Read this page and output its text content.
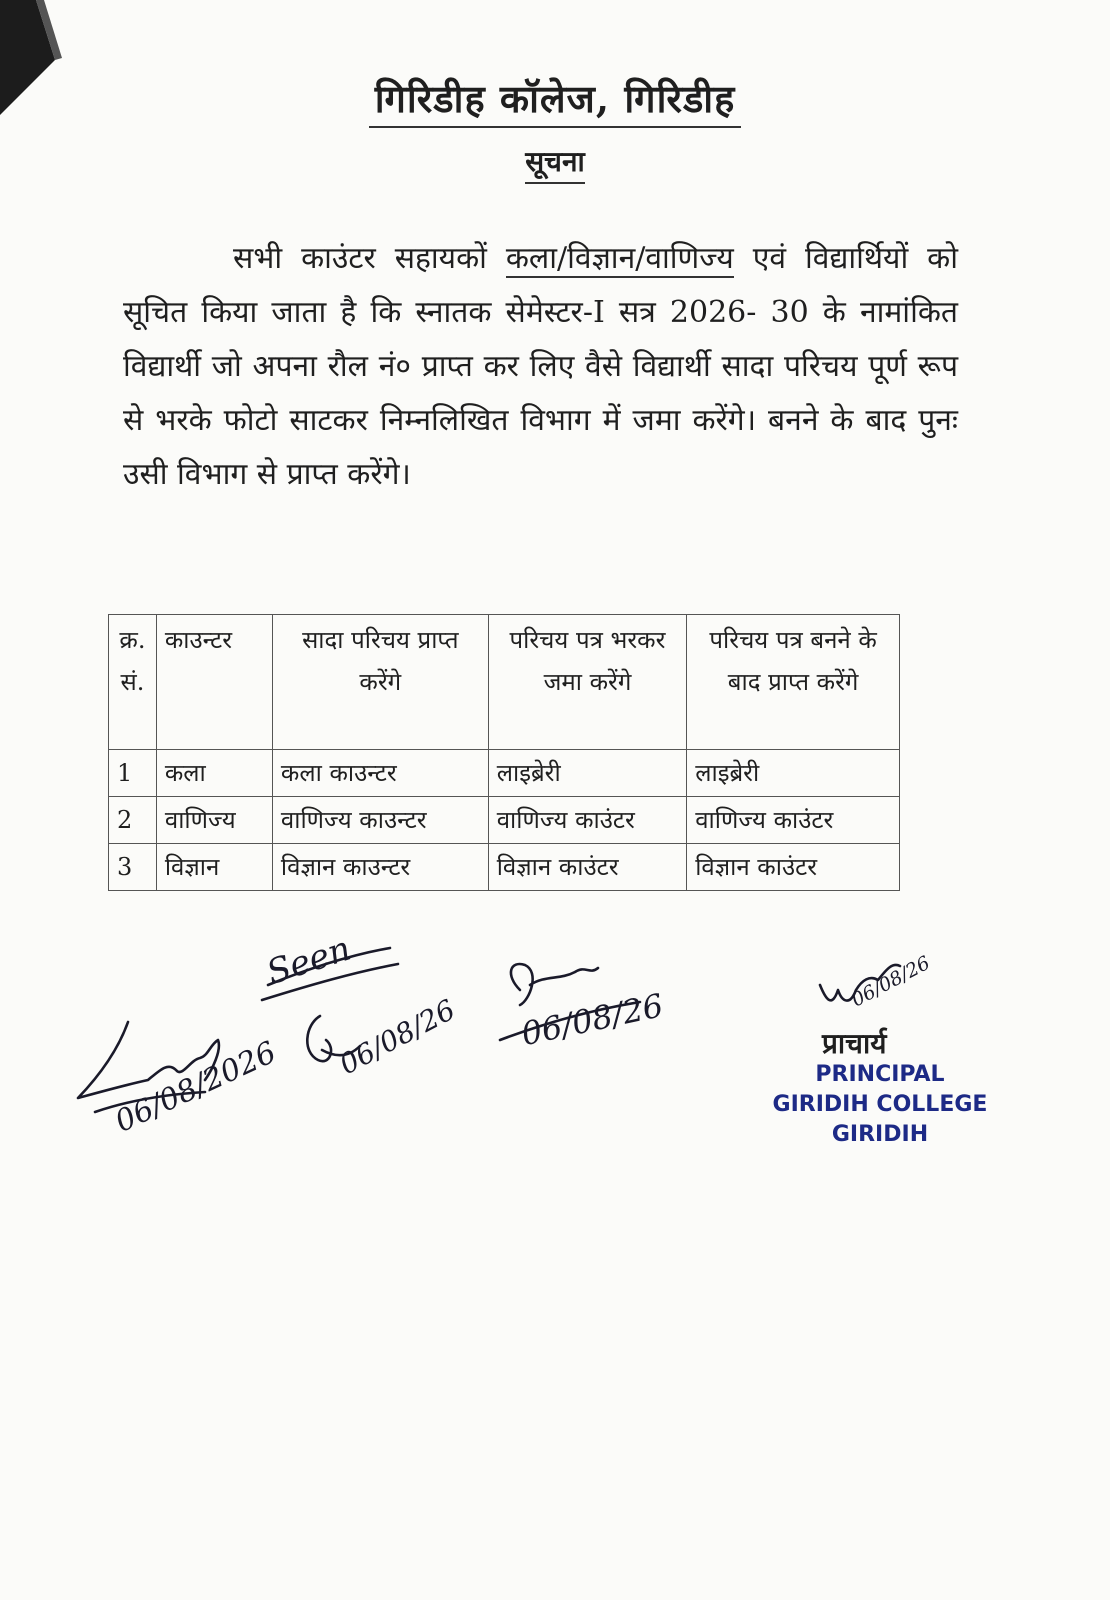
गिरिडीह कॉलेज, गिरिडीह
सूचना
सभी काउंटर सहायकों कला/विज्ञान/वाणिज्य एवं विद्यार्थियों को सूचित किया जाता है कि स्नातक सेमेस्टर-I सत्र 2026- 30 के नामांकित विद्यार्थी जो अपना रौल नं० प्राप्त कर लिए वैसे विद्यार्थी सादा परिचय पूर्ण रूप से भरके फोटो साटकर निम्नलिखित विभाग में जमा करेंगे। बनने के बाद पुनः उसी विभाग से प्राप्त करेंगे।
क्र. सं.	काउन्टर	सादा परिचय प्राप्त करेंगे	परिचय पत्र भरकर जमा करेंगे	परिचय पत्र बनने के बाद प्राप्त करेंगे
1	कला	कला काउन्टर	लाइब्रेरी	लाइब्रेरी
2	वाणिज्य	वाणिज्य काउन्टर	वाणिज्य काउंटर	वाणिज्य काउंटर
3	विज्ञान	विज्ञान काउन्टर	विज्ञान काउंटर	विज्ञान काउंटर
06/08/2026
Seen
06/08/26 06/08/26
06/08/26
प्राचार्य
PRINCIPAL
GIRIDIH COLLEGE
GIRIDIH
